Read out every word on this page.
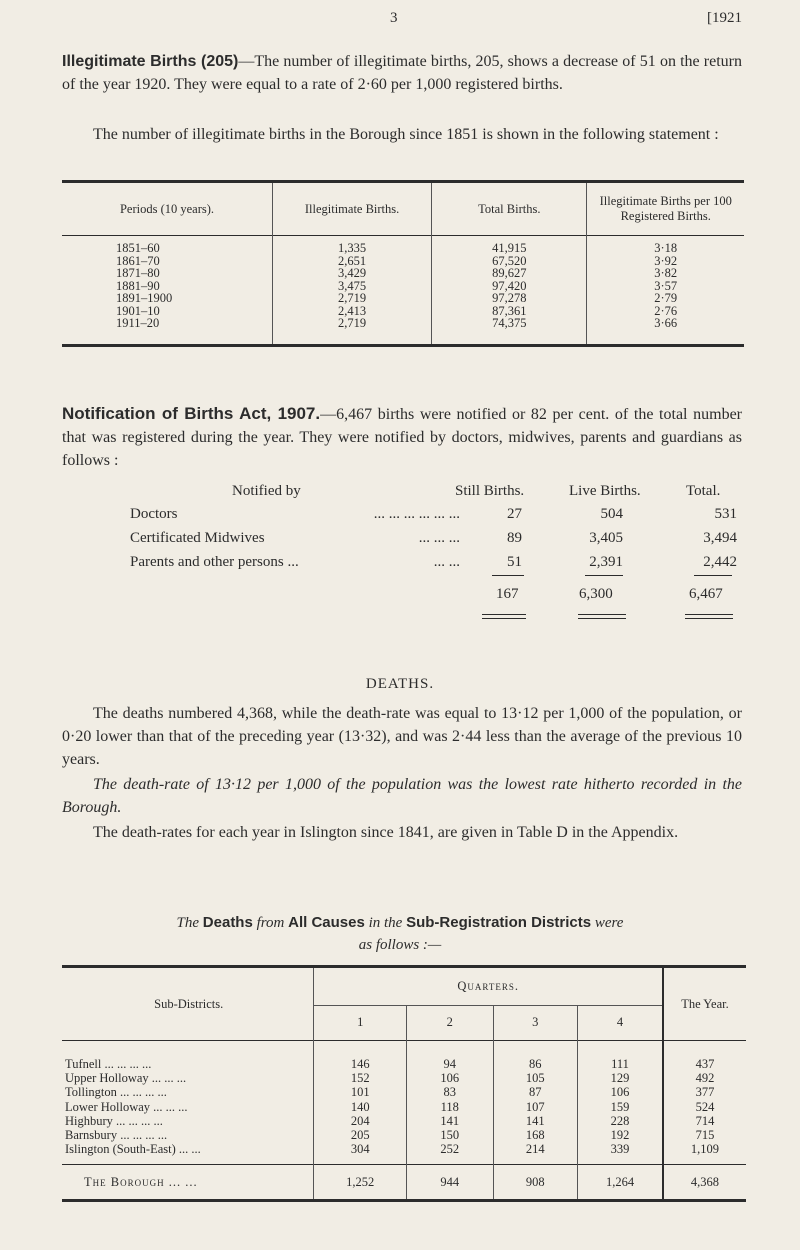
3	[1921
Illegitimate Births (205)—The number of illegitimate births, 205, shows a decrease of 51 on the return of the year 1920. They were equal to a rate of 2·60 per 1,000 registered births.
The number of illegitimate births in the Borough since 1851 is shown in the following statement :
Periods (10 years).	Illegitimate Births.	Total Births.	Illegitimate Births per 100 Registered Births.
1851–60	1,335	41,915	3·18
1861–70	2,651	67,520	3·92
1871–80	3,429	89,627	3·82
1881–90	3,475	97,420	3·57
1891–1900	2,719	97,278	2·79
1901–10	2,413	87,361	2·76
1911–20	2,719	74,375	3·66
Notification of Births Act, 1907.—6,467 births were notified or 82 per cent. of the total number that was registered during the year. They were notified by doctors, midwives, parents and guardians as follows :
Notified by	Still Births.	Live Births.	Total.
Doctors	... ... ... ... ... ...	27	504	531
Certificated Midwives	... ... ...	89	3,405	3,494
Parents and other persons ...	... ...	51	2,391	2,442
167	6,300	6,467
DEATHS.
The deaths numbered 4,368, while the death-rate was equal to 13·12 per 1,000 of the population, or 0·20 lower than that of the preceding year (13·32), and was 2·44 less than the average of the previous 10 years.
The death-rate of 13·12 per 1,000 of the population was the lowest rate hitherto recorded in the Borough.
The death-rates for each year in Islington since 1841, are given in Table D in the Appendix.
The Deaths from All Causes in the Sub-Registration Districts were
as follows :—
Sub-Districts.	Quarters.				The Year.
	1	2	3	4	

Tufnell ... ... ... ...	146	94	86	111	437
Upper Holloway ... ... ...	152	106	105	129	492
Tollington ... ... ... ...	101	83	87	106	377
Lower Holloway ... ... ...	140	118	107	159	524
Highbury ... ... ... ...	204	141	141	228	714
Barnsbury ... ... ... ...	205	150	168	192	715
Islington (South-East) ... ...	304	252	214	339	1,109
The Borough ... ...	1,252	944	908	1,264	4,368
